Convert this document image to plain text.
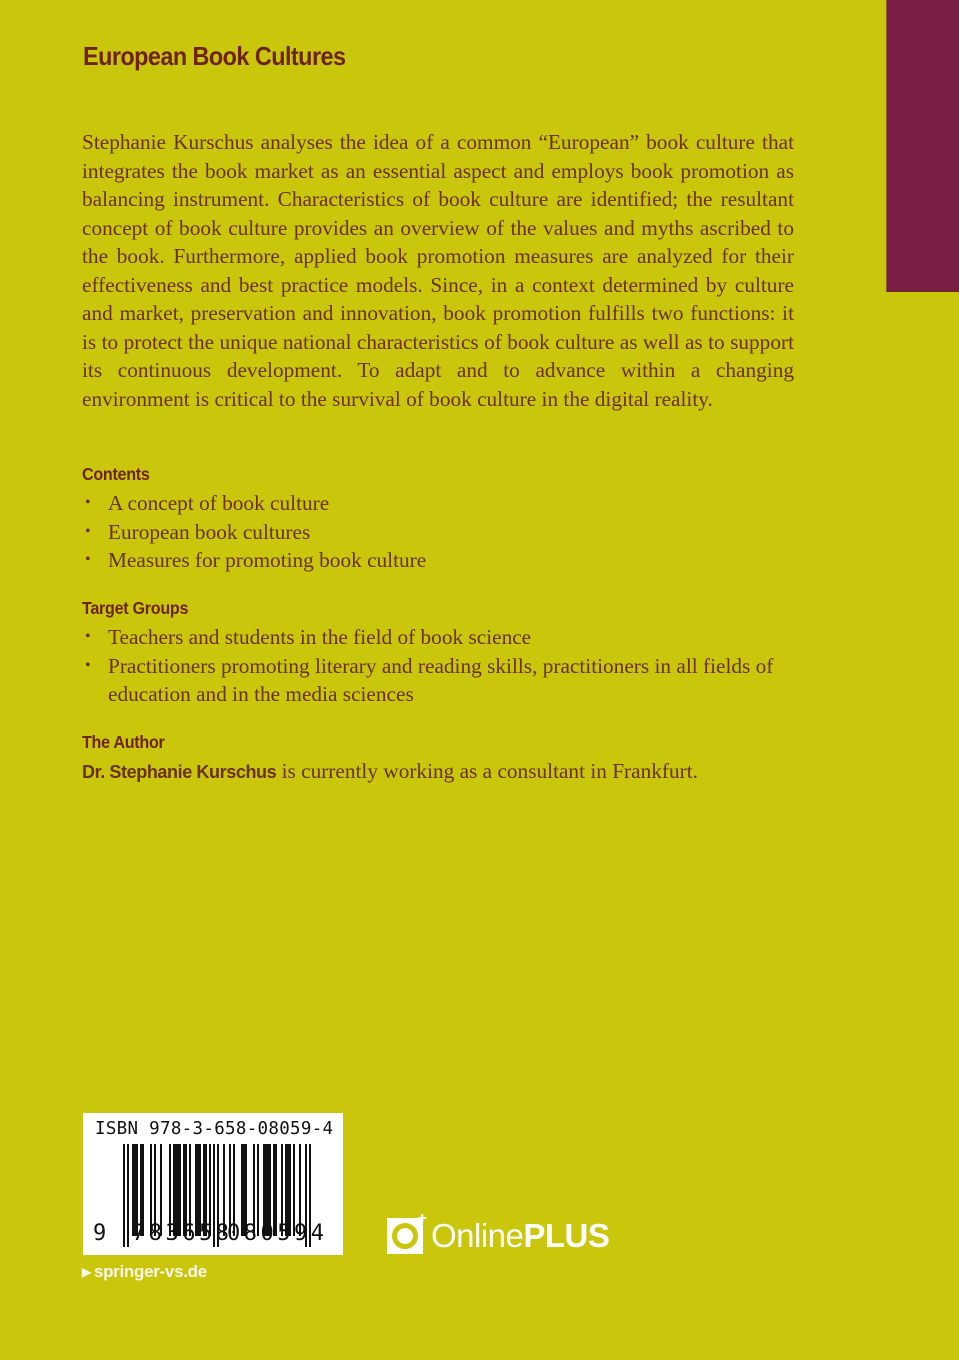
European Book Cultures

Stephanie Kurschus analyses the idea of a common “European” book culture that integrates the book market as an essential aspect and employs book promotion as balancing instrument. Characteristics of book culture are identified; the resultant concept of book culture provides an overview of the values and myths ascribed to the book. Furthermore, applied book promotion measures are analyzed for their effectiveness and best practice models. Since, in a context determined by culture and market, preservation and innovation, book promotion fulfills two functions: it is to protect the unique national characteristics of book culture as well as to support its continuous development. To adapt and to advance within a changing environment is critical to the survival of book culture in the digital reality.

Contents
• A concept of book culture
• European book cultures
• Measures for promoting book culture
Target Groups
• Teachers and students in the field of book science
• Practitioners promoting literary and reading skills, practitioners in all fields of education and in the media sciences
The Author

Dr. Stephanie Kurschus is currently working as a consultant in Frankfurt.

ISBN 978-3-658-08059-4
9 783658
080594
▶ springer-vs.de
+ OnlinePLUS
